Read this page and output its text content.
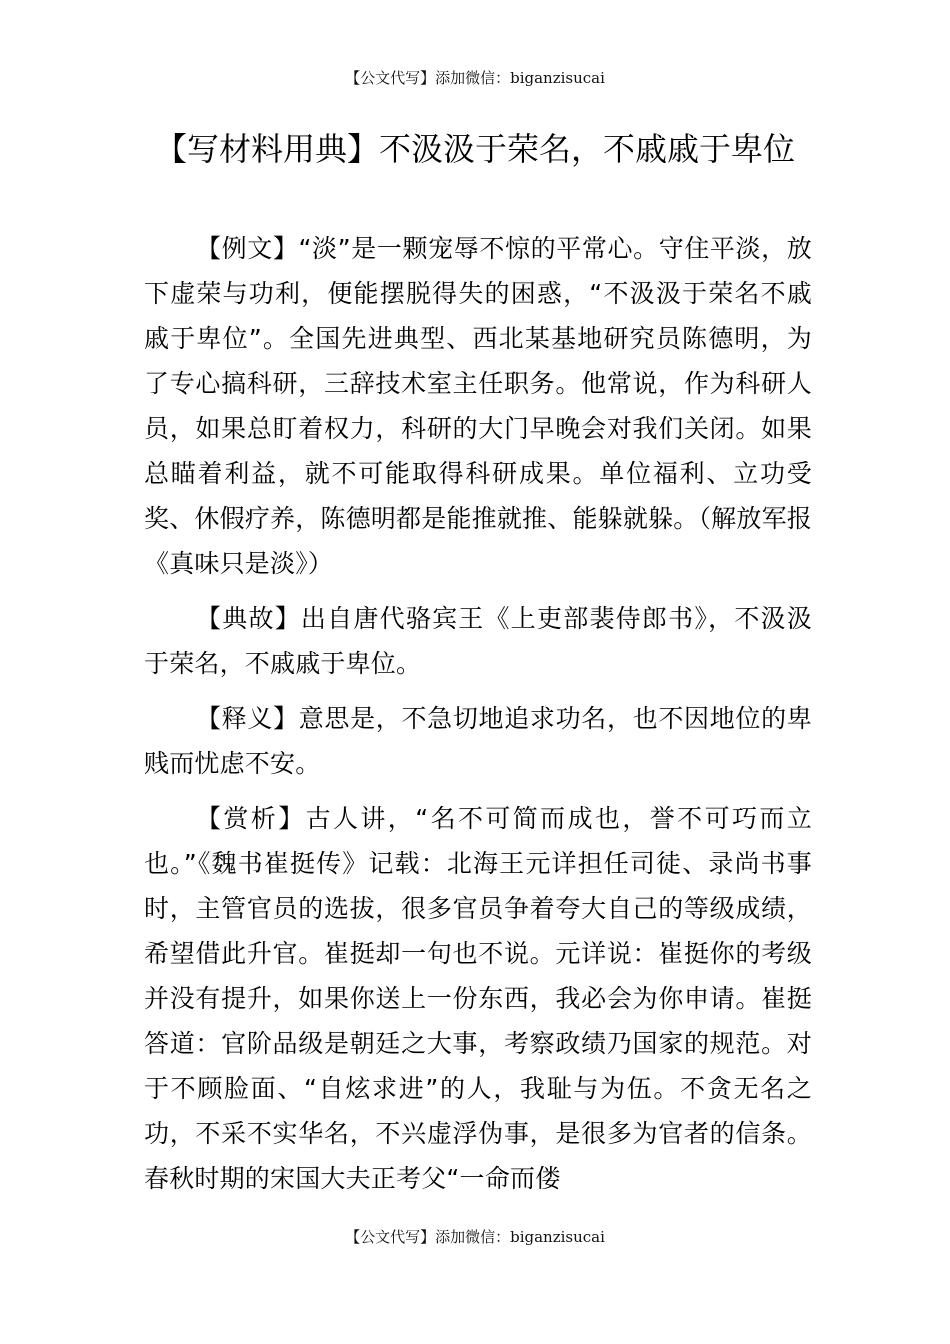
【公文代写】添加微信：biganzisucai
【写材料用典】不汲汲于荣名，不戚戚于卑位

【例文】“淡”是一颗宠辱不惊的平常心。守住平淡，放下虚荣与功利，便能摆脱得失的困惑，“不汲汲于荣名不戚戚于卑位”。全国先进典型、西北某基地研究员陈德明，为了专心搞科研，三辞技术室主任职务。他常说，作为科研人员，如果总盯着权力，科研的大门早晚会对我们关闭。如果总瞄着利益，就不可能取得科研成果。单位福利、立功受奖、休假疗养，陈德明都是能推就推、能躲就躲。（解放军报《真味只是淡》）

【典故】出自唐代骆宾王《上吏部裴侍郎书》，不汲汲于荣名，不戚戚于卑位。

【释义】意思是，不急切地追求功名，也不因地位的卑贱而忧虑不安。

【赏析】古人讲，“名不可简而成也，誉不可巧而立也。”《魏书崔挺传》记载：北海王元详担任司徒、录尚书事时，主管官员的选拔，很多官员争着夸大自己的等级成绩，希望借此升官。崔挺却一句也不说。元详说：崔挺你的考级并没有提升，如果你送上一份东西，我必会为你申请。崔挺答道：官阶品级是朝廷之大事，考察政绩乃国家的规范。对于不顾脸面、“自炫求进”的人，我耻与为伍。不贪无名之功，不采不实华名，不兴虚浮伪事，是很多为官者的信条。春秋时期的宋国大夫正考父“一命而偻

【公文代写】添加微信：biganzisucai
